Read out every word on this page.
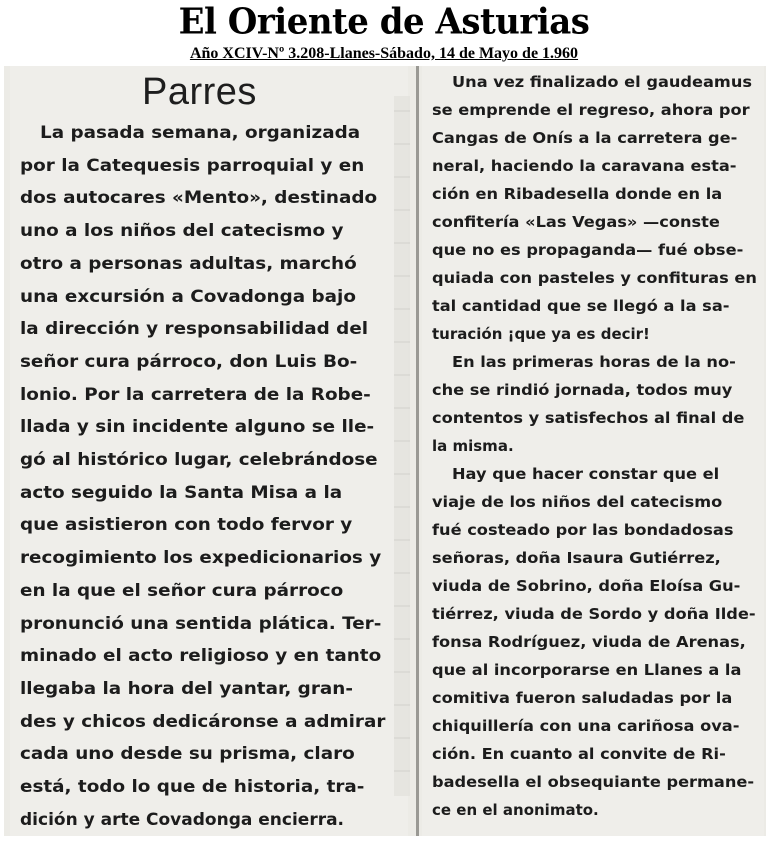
El Oriente de Asturias
Año XCIV-Nº 3.208-Llanes-Sábado, 14 de Mayo de 1.960
Parres
La pasada semana, organizada
por la Catequesis parroquial y en
dos autocares «Mento», destinado
uno a los niños del catecismo y
otro a personas adultas, marchó
una excursión a Covadonga bajo
la dirección y responsabilidad del
señor cura párroco, don Luis Bo-
lonio. Por la carretera de la Robe-
llada y sin incidente alguno se lle-
gó al histórico lugar, celebrándose
acto seguido la Santa Misa a la
que asistieron con todo fervor y
recogimiento los expedicionarios y
en la que el señor cura párroco
pronunció una sentida plática. Ter-
minado el acto religioso y en tanto
llegaba la hora del yantar, gran-
des y chicos dedicáronse a admirar
cada uno desde su prisma, claro
está, todo lo que de historia, tra-
dición y arte Covadonga encierra.
Una vez finalizado el gaudeamus
se emprende el regreso, ahora por
Cangas de Onís a la carretera ge-
neral, haciendo la caravana esta-
ción en Ribadesella donde en la
confitería «Las Vegas» —conste
que no es propaganda— fué obse-
quiada con pasteles y confituras en
tal cantidad que se llegó a la sa-
turación ¡que ya es decir!
En las primeras horas de la no-
che se rindió jornada, todos muy
contentos y satisfechos al final de
la misma.
Hay que hacer constar que el
viaje de los niños del catecismo
fué costeado por las bondadosas
señoras, doña Isaura Gutiérrez,
viuda de Sobrino, doña Eloísa Gu-
tiérrez, viuda de Sordo y doña Ilde-
fonsa Rodríguez, viuda de Arenas,
que al incorporarse en Llanes a la
comitiva fueron saludadas por la
chiquillería con una cariñosa ova-
ción. En cuanto al convite de Ri-
badesella el obsequiante permane-
ce en el anonimato.
